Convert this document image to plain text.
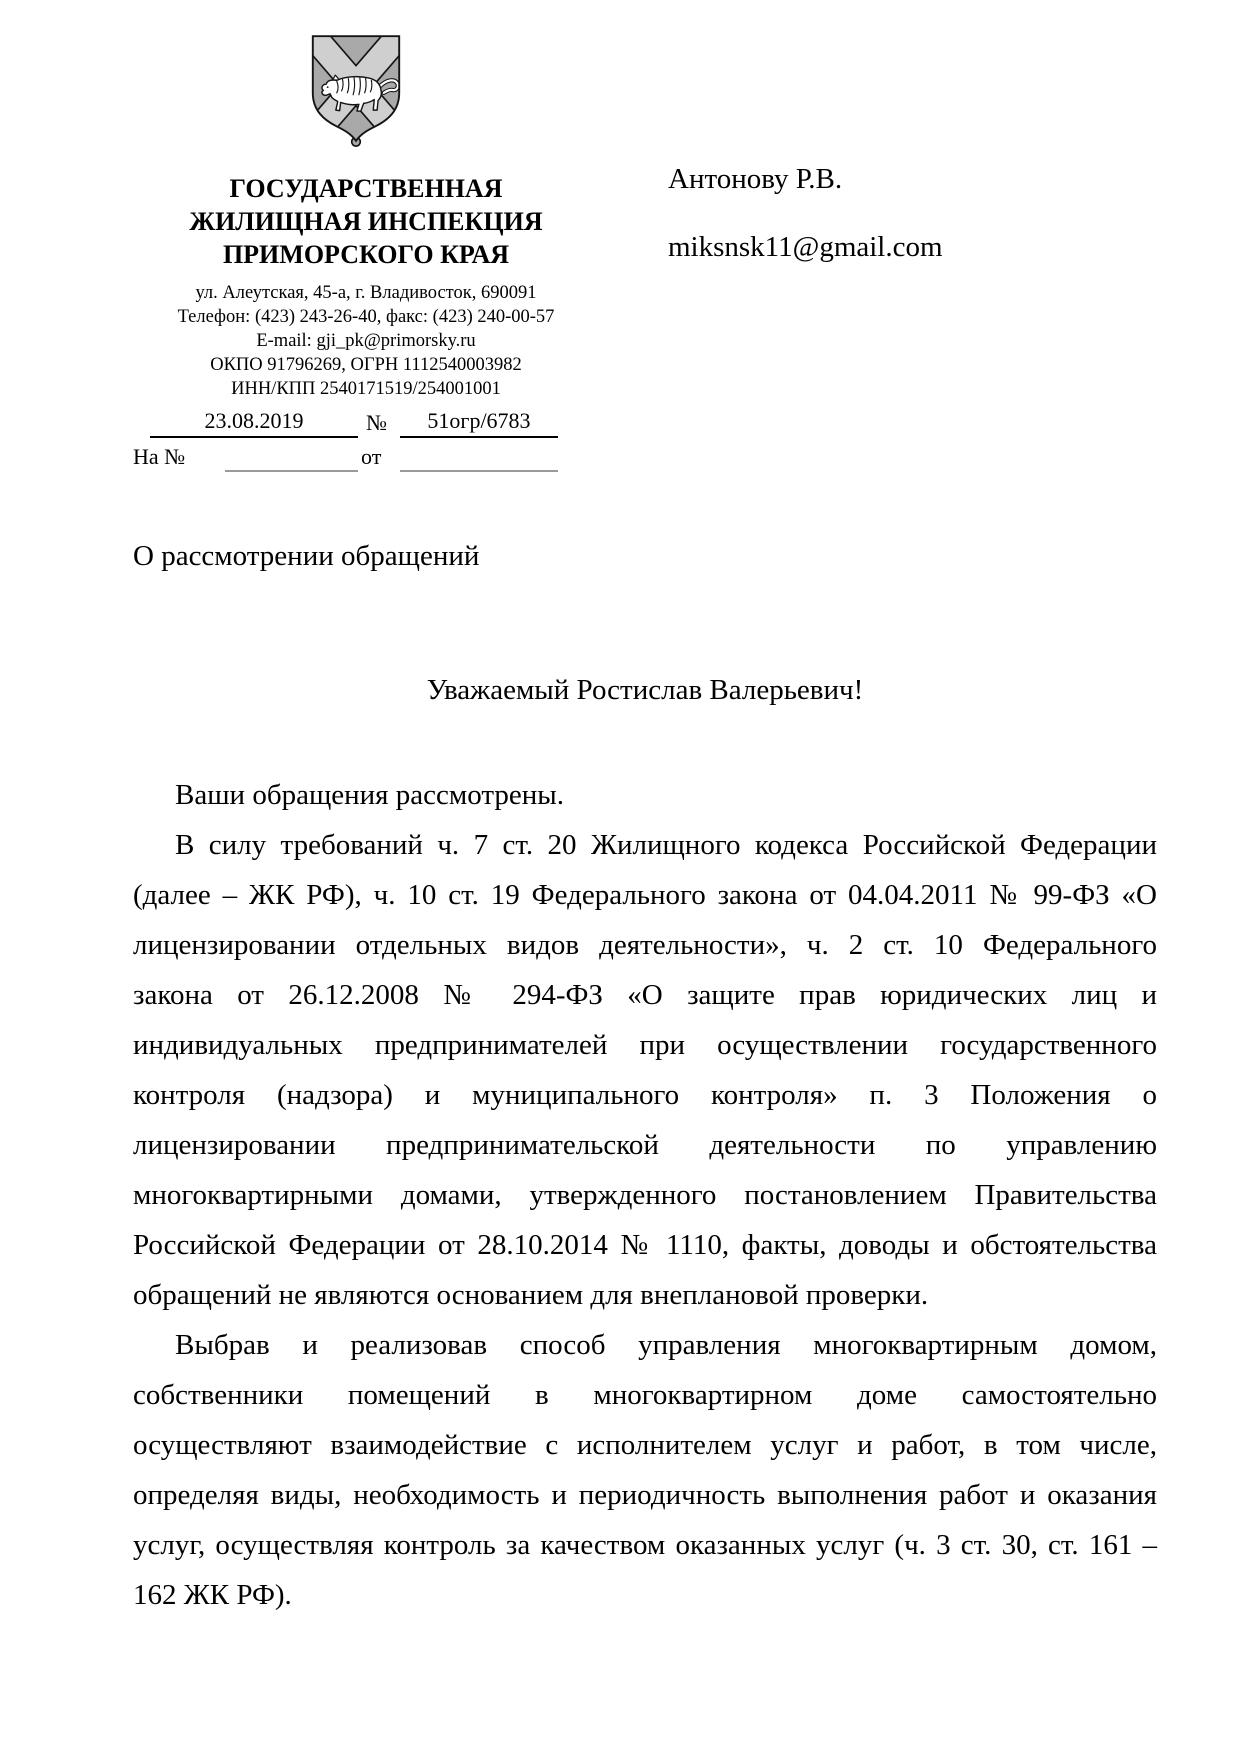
ГОСУДАРСТВЕННАЯ
ЖИЛИЩНАЯ ИНСПЕКЦИЯ
ПРИМОРСКОГО КРАЯ
ул. Алеутская, 45-а, г. Владивосток, 690091
Телефон: (423) 243-26-40, факс: (423) 240-00-57
E-mail: gji_pk@primorsky.ru
ОКПО 91796269, ОГРН 1112540003982
ИНН/КПП 2540171519/254001001
23.08.2019	№	51огр/6783
На №	от
Антонову Р.В.
miksnsk11@gmail.com
О рассмотрении обращений
Уважаемый Ростислав Валерьевич!
Ваши обращения рассмотрены.
В силу требований ч. 7 ст. 20 Жилищного кодекса Российской Федерации
(далее – ЖК РФ), ч. 10 ст. 19 Федерального закона от 04.04.2011 № 99-ФЗ «О
лицензировании отдельных видов деятельности», ч. 2 ст. 10 Федерального
закона от 26.12.2008 № 294-ФЗ «О защите прав юридических лиц и
индивидуальных предпринимателей при осуществлении государственного
контроля (надзора) и муниципального контроля» п. 3 Положения о
лицензировании предпринимательской деятельности по управлению
многоквартирными домами, утвержденного постановлением Правительства
Российской Федерации от 28.10.2014 № 1110, факты, доводы и обстоятельства
обращений не являются основанием для внеплановой проверки.
Выбрав и реализовав способ управления многоквартирным домом,
собственники помещений в многоквартирном доме самостоятельно
осуществляют взаимодействие с исполнителем услуг и работ, в том числе,
определяя виды, необходимость и периодичность выполнения работ и оказания
услуг, осуществляя контроль за качеством оказанных услуг (ч. 3 ст. 30, ст. 161 –
162 ЖК РФ).
